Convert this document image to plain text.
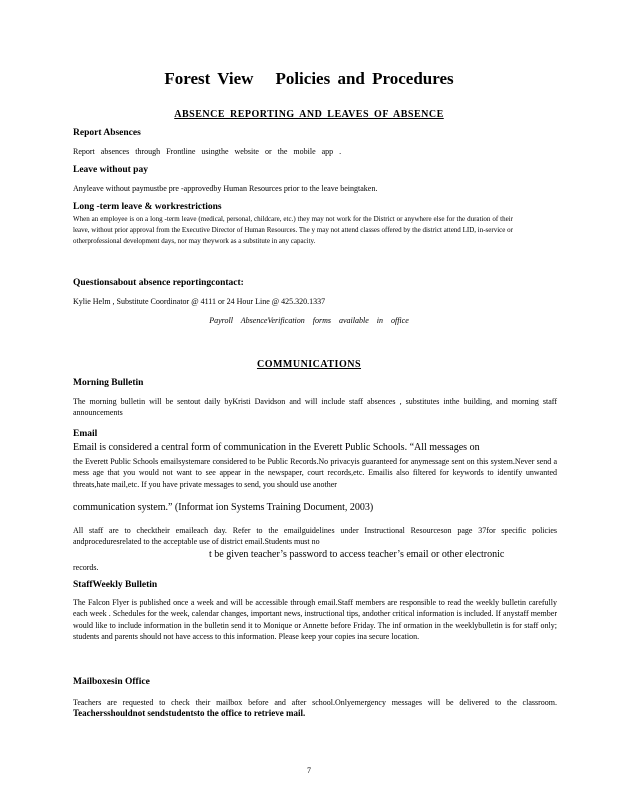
Forest View Policies and Procedures
ABSENCE REPORTING AND LEAVES OF ABSENCE
Report Absences
Report absences through Frontline usingthe website or the mobile app .
Leave without pay
Anyleave without paymustbe pre -approvedby Human Resources prior to the leave beingtaken.
Long -term leave & workrestrictions
When an employee is on a long -term leave (medical, personal, childcare, etc.) they may not work for the District or anywhere else for the duration of their leave, without prior approval from the Executive Director of Human Resources. The y may not attend classes offered by the district attend LID, in-service or otherprofessional development days, nor may theywork as a substitute in any capacity.
Questionsabout absence reportingcontact:
Kylie Helm , Substitute Coordinator @ 4111 or 24 Hour Line @ 425.320.1337
Payroll AbsenceVerification forms available in office
COMMUNICATIONS
Morning Bulletin
The morning bulletin will be sentout daily byKristi Davidson and will include staff absences , substitutes inthe building, and morning staff announcements
Email
Email is considered a central form of communication in the Everett Public Schools. “All messages on
the Everett Public Schools emailsystemare considered to be Public Records.No privacyis guaranteed for anymessage sent on this system.Never send a mess age that you would not want to see appear in the newspaper, court records,etc. Emailis also filtered for keywords to identify unwanted threats,hate mail,etc. If you have private messages to send, you should use another
communication system.” (Informat ion Systems Training Document, 2003)
All staff are to checktheir emaileach day. Refer to the emailguidelines under Instructional Resourceson page 37for specific policies andproceduresrelated to the acceptable use of district email.Students must no
t be given teacher’s password to access teacher’s email or other electronic
records.
StaffWeekly Bulletin
The Falcon Flyer is published once a week and will be accessible through email.Staff members are responsible to read the weekly bulletin carefully each week . Schedules for the week, calendar changes, important news, instructional tips, andother critical information is included. If anystaff member would like to include information in the bulletin send it to Monique or Annette before Friday. The inf ormation in the weeklybulletin is for staff only; students and parents should not have access to this information. Please keep your copies ina secure location.
Mailboxesin Office
Teachers are requested to check their mailbox before and after school.Onlyemergency messages will be delivered to the classroom. Teachersshouldnot sendstudentsto the office to retrieve mail.
7
